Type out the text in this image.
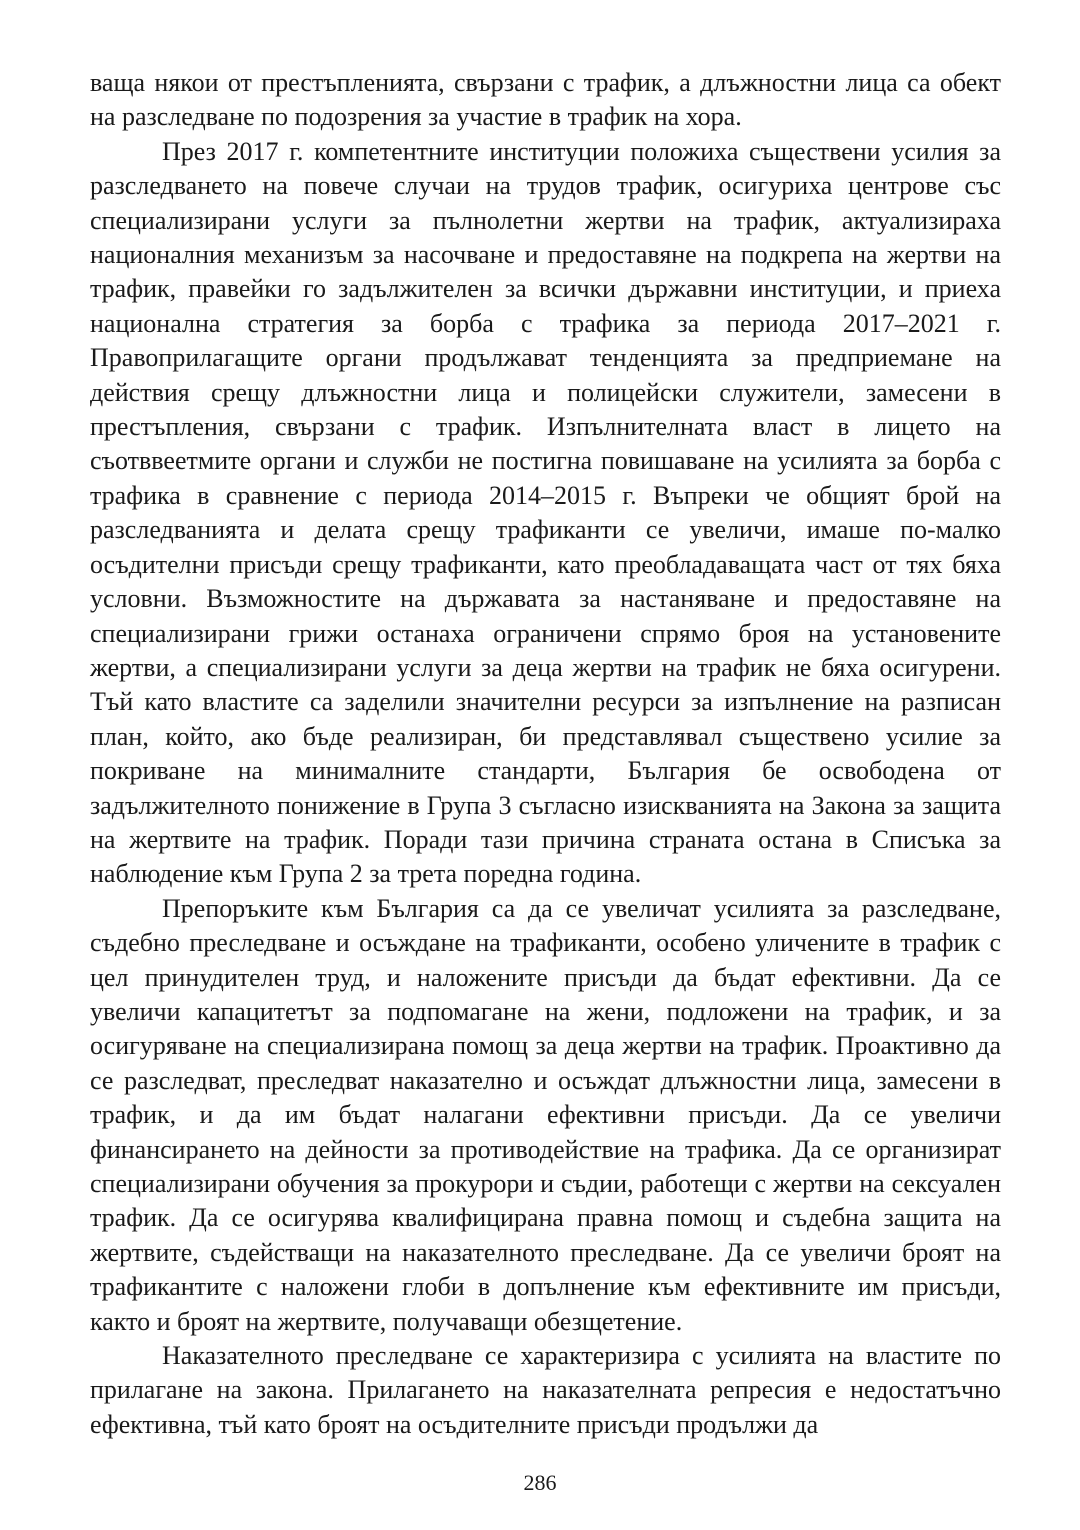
ваща някои от престъпленията, свързани с трафик, а длъжностни лица са обект на разследване по подозрения за участие в трафик на хора.

През 2017 г. компетентните институции положиха съществени усилия за разследването на повече случаи на трудов трафик, осигуриха центрове със специализирани услуги за пълнолетни жертви на трафик, актуализираха националния механизъм за насочване и предоставяне на подкрепа на жертви на трафик, правейки го задължителен за всички държавни институции, и приеха национална стратегия за борба с трафика за периода 2017–2021 г. Правоприлагащите органи продължават тенденцията за предприемане на действия срещу длъжностни лица и полицейски служители, замесени в престъпления, свързани с трафик. Изпълнителната власт в лицето на съотввеетмите органи и служби не постигна повишаване на усилията за борба с трафика в сравнение с периода 2014–2015 г. Въпреки че общият брой на разследванията и делата срещу трафиканти се увеличи, имаше по-малко осъдителни присъди срещу трафиканти, като преобладаващата част от тях бяха условни. Възможностите на държавата за настаняване и предоставяне на специализирани грижи останаха ограничени спрямо броя на установените жертви, а специализирани услуги за деца жертви на трафик не бяха осигурени. Тъй като властите са заделили значителни ресурси за изпълнение на разписан план, който, ако бъде реализиран, би представлявал съществено усилие за покриване на минималните стандарти, България бе освободена от задължителното понижение в Група 3 съгласно изискванията на Закона за защита на жертвите на трафик. Поради тази причина страната остана в Списъка за наблюдение към Група 2 за трета поредна година.

Препоръките към България са да се увеличат усилията за разследване, съдебно преследване и осъждане на трафиканти, особено уличените в трафик с цел принудителен труд, и наложените присъди да бъдат ефективни. Да се увеличи капацитетът за подпомагане на жени, подложени на трафик, и за осигуряване на специализирана помощ за деца жертви на трафик. Проактивно да се разследват, преследват наказателно и осъждат длъжностни лица, замесени в трафик, и да им бъдат налагани ефективни присъди. Да се увеличи финансирането на дейности за противодействие на трафика. Да се организират специализирани обучения за прокурори и съдии, работещи с жертви на сексуален трафик. Да се осигурява квалифицирана правна помощ и съдебна защита на жертвите, съдействащи на наказателното преследване. Да се увеличи броят на трафикантите с наложени глоби в допълнение към ефективните им присъди, както и броят на жертвите, получаващи обезщетение.

Наказателното преследване се характеризира с усилията на властите по прилагане на закона. Прилагането на наказателната репресия е недостатъчно ефективна, тъй като броят на осъдителните присъди продължи да

286
